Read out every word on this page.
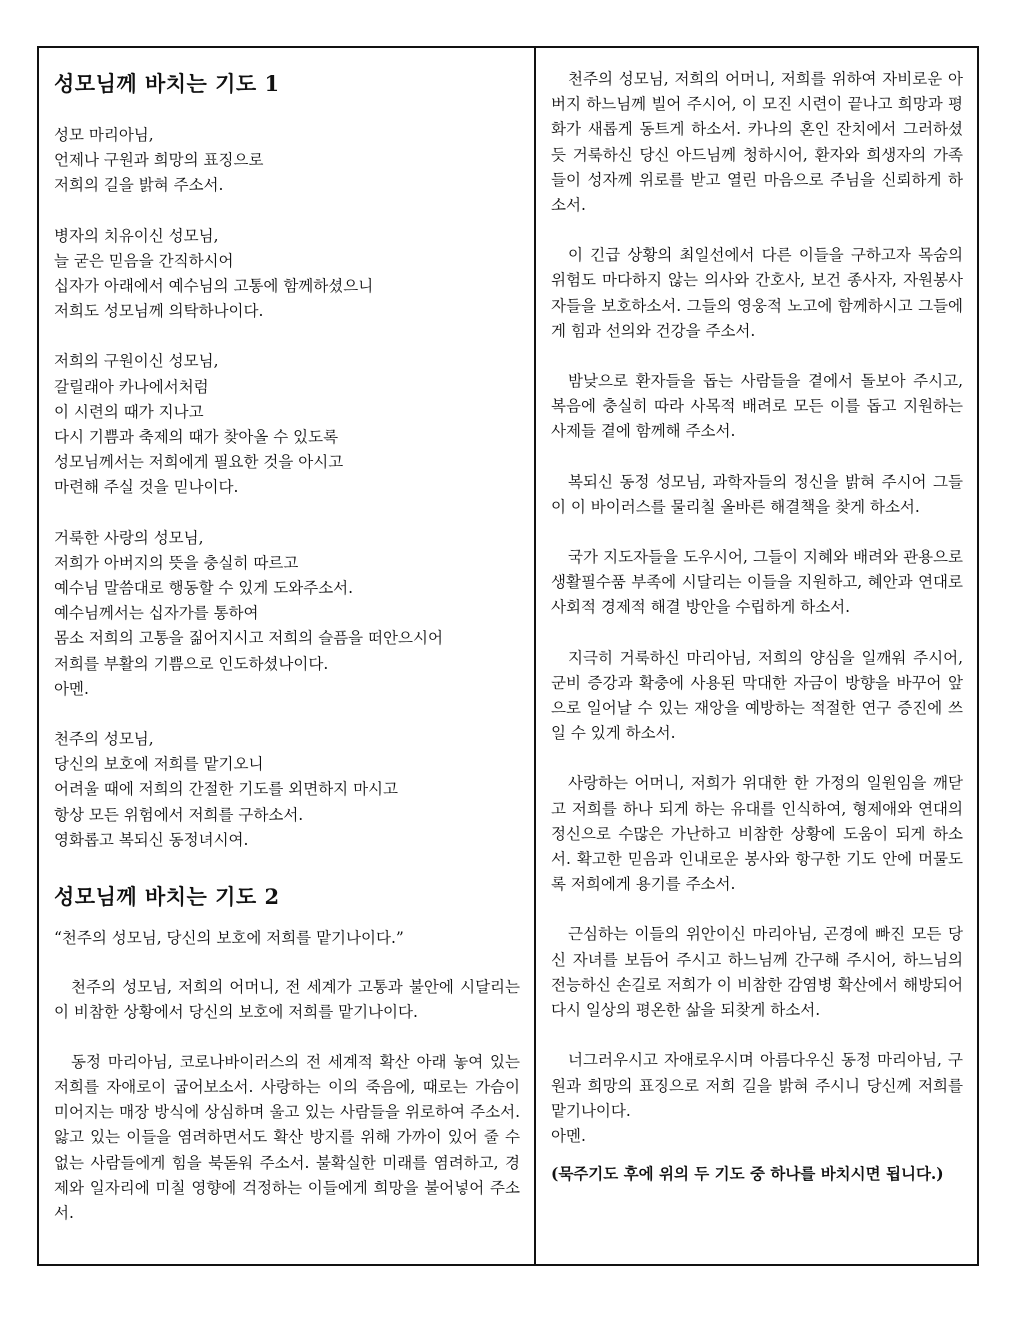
성모님께 바치는 기도 1
성모 마리아님,
언제나 구원과 희망의 표징으로
저희의 길을 밝혀 주소서.
병자의 치유이신 성모님,
늘 굳은 믿음을 간직하시어
십자가 아래에서 예수님의 고통에 함께하셨으니
저희도 성모님께 의탁하나이다.
저희의 구원이신 성모님,
갈릴래아 카나에서처럼
이 시련의 때가 지나고
다시 기쁨과 축제의 때가 찾아올 수 있도록
성모님께서는 저희에게 필요한 것을 아시고
마련해 주실 것을 믿나이다.
거룩한 사랑의 성모님,
저희가 아버지의 뜻을 충실히 따르고
예수님 말씀대로 행동할 수 있게 도와주소서.
예수님께서는 십자가를 통하여
몸소 저희의 고통을 짊어지시고 저희의 슬픔을 떠안으시어
저희를 부활의 기쁨으로 인도하셨나이다.
아멘.
천주의 성모님,
당신의 보호에 저희를 맡기오니
어려울 때에 저희의 간절한 기도를 외면하지 마시고
항상 모든 위험에서 저희를 구하소서.
영화롭고 복되신 동정녀시여.
성모님께 바치는 기도 2
“천주의 성모님, 당신의 보호에 저희를 맡기나이다.”

천주의 성모님, 저희의 어머니, 전 세계가 고통과 불안에 시달리는 이 비참한 상황에서 당신의 보호에 저희를 맡기나이다.

동정 마리아님, 코로나바이러스의 전 세계적 확산 아래 놓여 있는 저희를 자애로이 굽어보소서. 사랑하는 이의 죽음에, 때로는 가슴이 미어지는 매장 방식에 상심하며 울고 있는 사람들을 위로하여 주소서. 앓고 있는 이들을 염려하면서도 확산 방지를 위해 가까이 있어 줄 수 없는 사람들에게 힘을 북돋워 주소서. 불확실한 미래를 염려하고, 경제와 일자리에 미칠 영향에 걱정하는 이들에게 희망을 불어넣어 주소서.

천주의 성모님, 저희의 어머니, 저희를 위하여 자비로운 아버지 하느님께 빌어 주시어, 이 모진 시련이 끝나고 희망과 평화가 새롭게 동트게 하소서. 카나의 혼인 잔치에서 그러하셨듯 거룩하신 당신 아드님께 청하시어, 환자와 희생자의 가족들이 성자께 위로를 받고 열린 마음으로 주님을 신뢰하게 하소서.

이 긴급 상황의 최일선에서 다른 이들을 구하고자 목숨의 위험도 마다하지 않는 의사와 간호사, 보건 종사자, 자원봉사자들을 보호하소서. 그들의 영웅적 노고에 함께하시고 그들에게 힘과 선의와 건강을 주소서.

밤낮으로 환자들을 돕는 사람들을 곁에서 돌보아 주시고, 복음에 충실히 따라 사목적 배려로 모든 이를 돕고 지원하는 사제들 곁에 함께해 주소서.

복되신 동정 성모님, 과학자들의 정신을 밝혀 주시어 그들이 이 바이러스를 물리칠 올바른 해결책을 찾게 하소서.

국가 지도자들을 도우시어, 그들이 지혜와 배려와 관용으로 생활필수품 부족에 시달리는 이들을 지원하고, 혜안과 연대로 사회적 경제적 해결 방안을 수립하게 하소서.

지극히 거룩하신 마리아님, 저희의 양심을 일깨워 주시어, 군비 증강과 확충에 사용된 막대한 자금이 방향을 바꾸어 앞으로 일어날 수 있는 재앙을 예방하는 적절한 연구 증진에 쓰일 수 있게 하소서.

사랑하는 어머니, 저희가 위대한 한 가정의 일원임을 깨닫고 저희를 하나 되게 하는 유대를 인식하여, 형제애와 연대의 정신으로 수많은 가난하고 비참한 상황에 도움이 되게 하소서. 확고한 믿음과 인내로운 봉사와 항구한 기도 안에 머물도록 저희에게 용기를 주소서.

근심하는 이들의 위안이신 마리아님, 곤경에 빠진 모든 당신 자녀를 보듬어 주시고 하느님께 간구해 주시어, 하느님의 전능하신 손길로 저희가 이 비참한 감염병 확산에서 해방되어 다시 일상의 평온한 삶을 되찾게 하소서.

너그러우시고 자애로우시며 아름다우신 동정 마리아님, 구원과 희망의 표징으로 저희 길을 밝혀 주시니 당신께 저희를 맡기나이다.

아멘.

(묵주기도 후에 위의 두 기도 중 하나를 바치시면 됩니다.)
